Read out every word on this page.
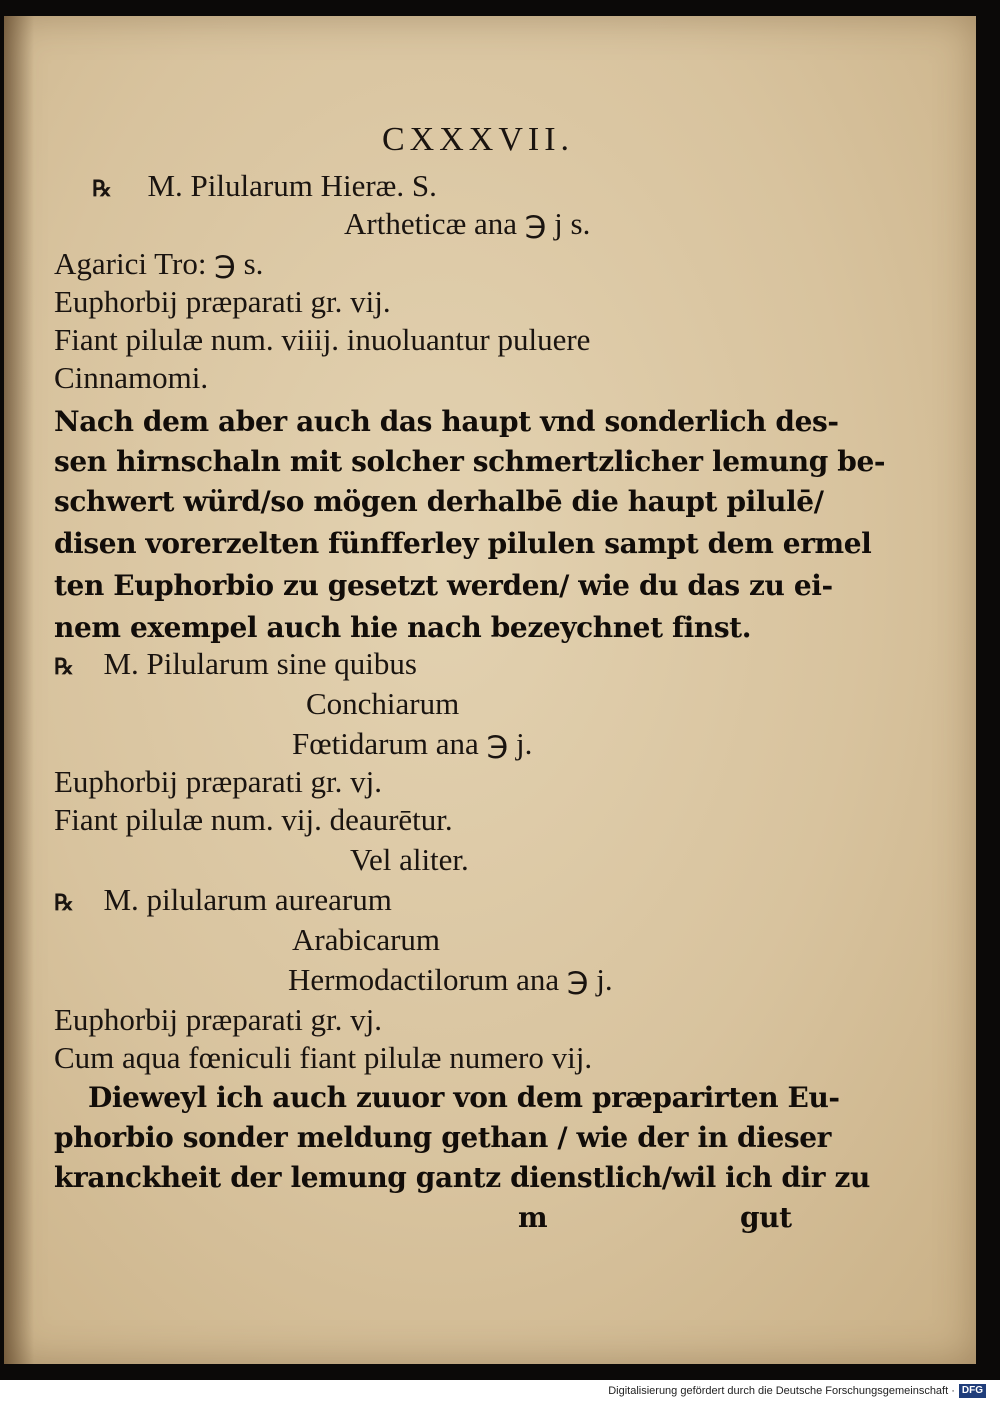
CXXXVII.
℞ M. Pilularum Hieræ. S.
Artheticæ ana ℈ j s.
Agarici Tro: ℈ s.
Euphorbij præparati gr. vij.
Fiant pilulæ num. viiij. inuoluantur puluere
Cinnamomi.
Nach dem aber auch das haupt vnd sonderlich des-
sen hirnschaln mit solcher schmertzlicher lemung be-
schwert würd/so mögen derhalbē die haupt pilulē/
disen vorerzelten fünfferley pilulen sampt dem ermel
ten Euphorbio zu gesetzt werden/ wie du das zu ei-
nem exempel auch hie nach bezeychnet finst.
℞ M. Pilularum sine quibus
Conchiarum
Fœtidarum ana ℈ j.
Euphorbij præparati gr. vj.
Fiant pilulæ num. vij. deaurētur.
Vel aliter.
℞ M. pilularum aurearum
Arabicarum
Hermodactilorum ana ℈ j.
Euphorbij præparati gr. vj.
Cum aqua fœniculi fiant pilulæ numero vij.
Dieweyl ich auch zuuor von dem præparirten Eu-
phorbio sonder meldung gethan / wie der in dieser
kranckheit der lemung gantz dienstlich/wil ich dir zu
m	gut
Digitalisierung gefördert durch die Deutsche Forschungsgemeinschaft · DFG
